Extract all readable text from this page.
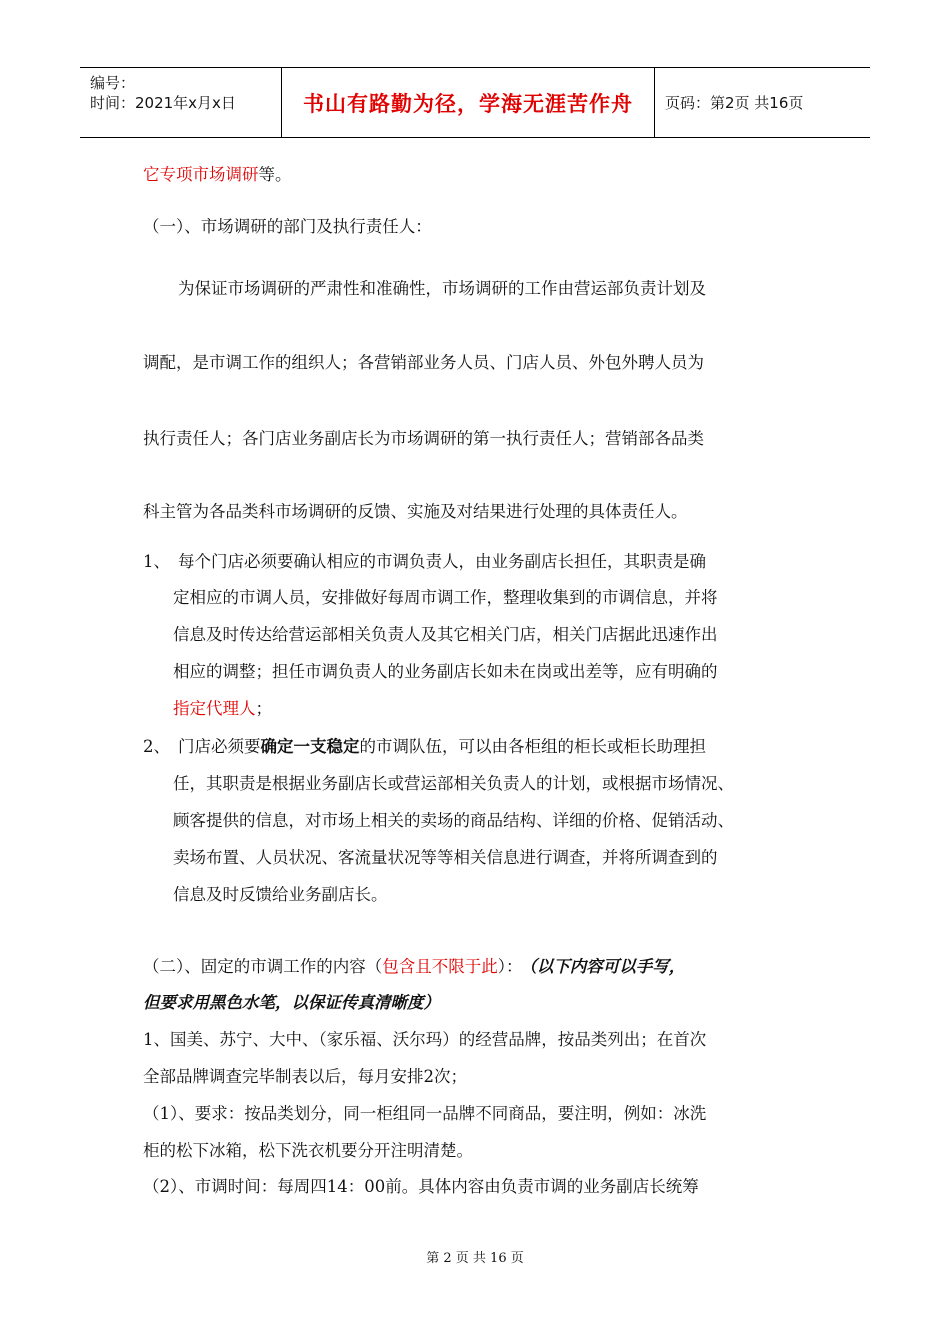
编号：
时间：2021年x月x日	书山有路勤为径，学海无涯苦作舟	页码：第2页 共16页
它专项市场调研等。
（一）、市场调研的部门及执行责任人：
为保证市场调研的严肃性和准确性，市场调研的工作由营运部负责计划及
调配，是市调工作的组织人；各营销部业务人员、门店人员、外包外聘人员为
执行责任人；各门店业务副店长为市场调研的第一执行责任人；营销部各品类
科主管为各品类科市场调研的反馈、实施及对结果进行处理的具体责任人。
1、 每个门店必须要确认相应的市调负责人，由业务副店长担任，其职责是确
定相应的市调人员，安排做好每周市调工作，整理收集到的市调信息，并将
信息及时传达给营运部相关负责人及其它相关门店，相关门店据此迅速作出
相应的调整；担任市调负责人的业务副店长如未在岗或出差等，应有明确的
指定代理人；
2、 门店必须要确定一支稳定的市调队伍，可以由各柜组的柜长或柜长助理担
任，其职责是根据业务副店长或营运部相关负责人的计划，或根据市场情况、
顾客提供的信息，对市场上相关的卖场的商品结构、详细的价格、促销活动、
卖场布置、人员状况、客流量状况等等相关信息进行调查，并将所调查到的
信息及时反馈给业务副店长。
（二）、固定的市调工作的内容（包含且不限于此）： （以下内容可以手写，
但要求用黑色水笔，以保证传真清晰度）
1、国美、苏宁、大中、（家乐福、沃尔玛）的经营品牌，按品类列出；在首次
全部品牌调查完毕制表以后，每月安排2次；
（1）、要求：按品类划分，同一柜组同一品牌不同商品，要注明，例如：冰洗
柜的松下冰箱，松下洗衣机要分开注明清楚。
（2）、市调时间：每周四14：00前。具体内容由负责市调的业务副店长统筹
第 2 页 共 16 页
